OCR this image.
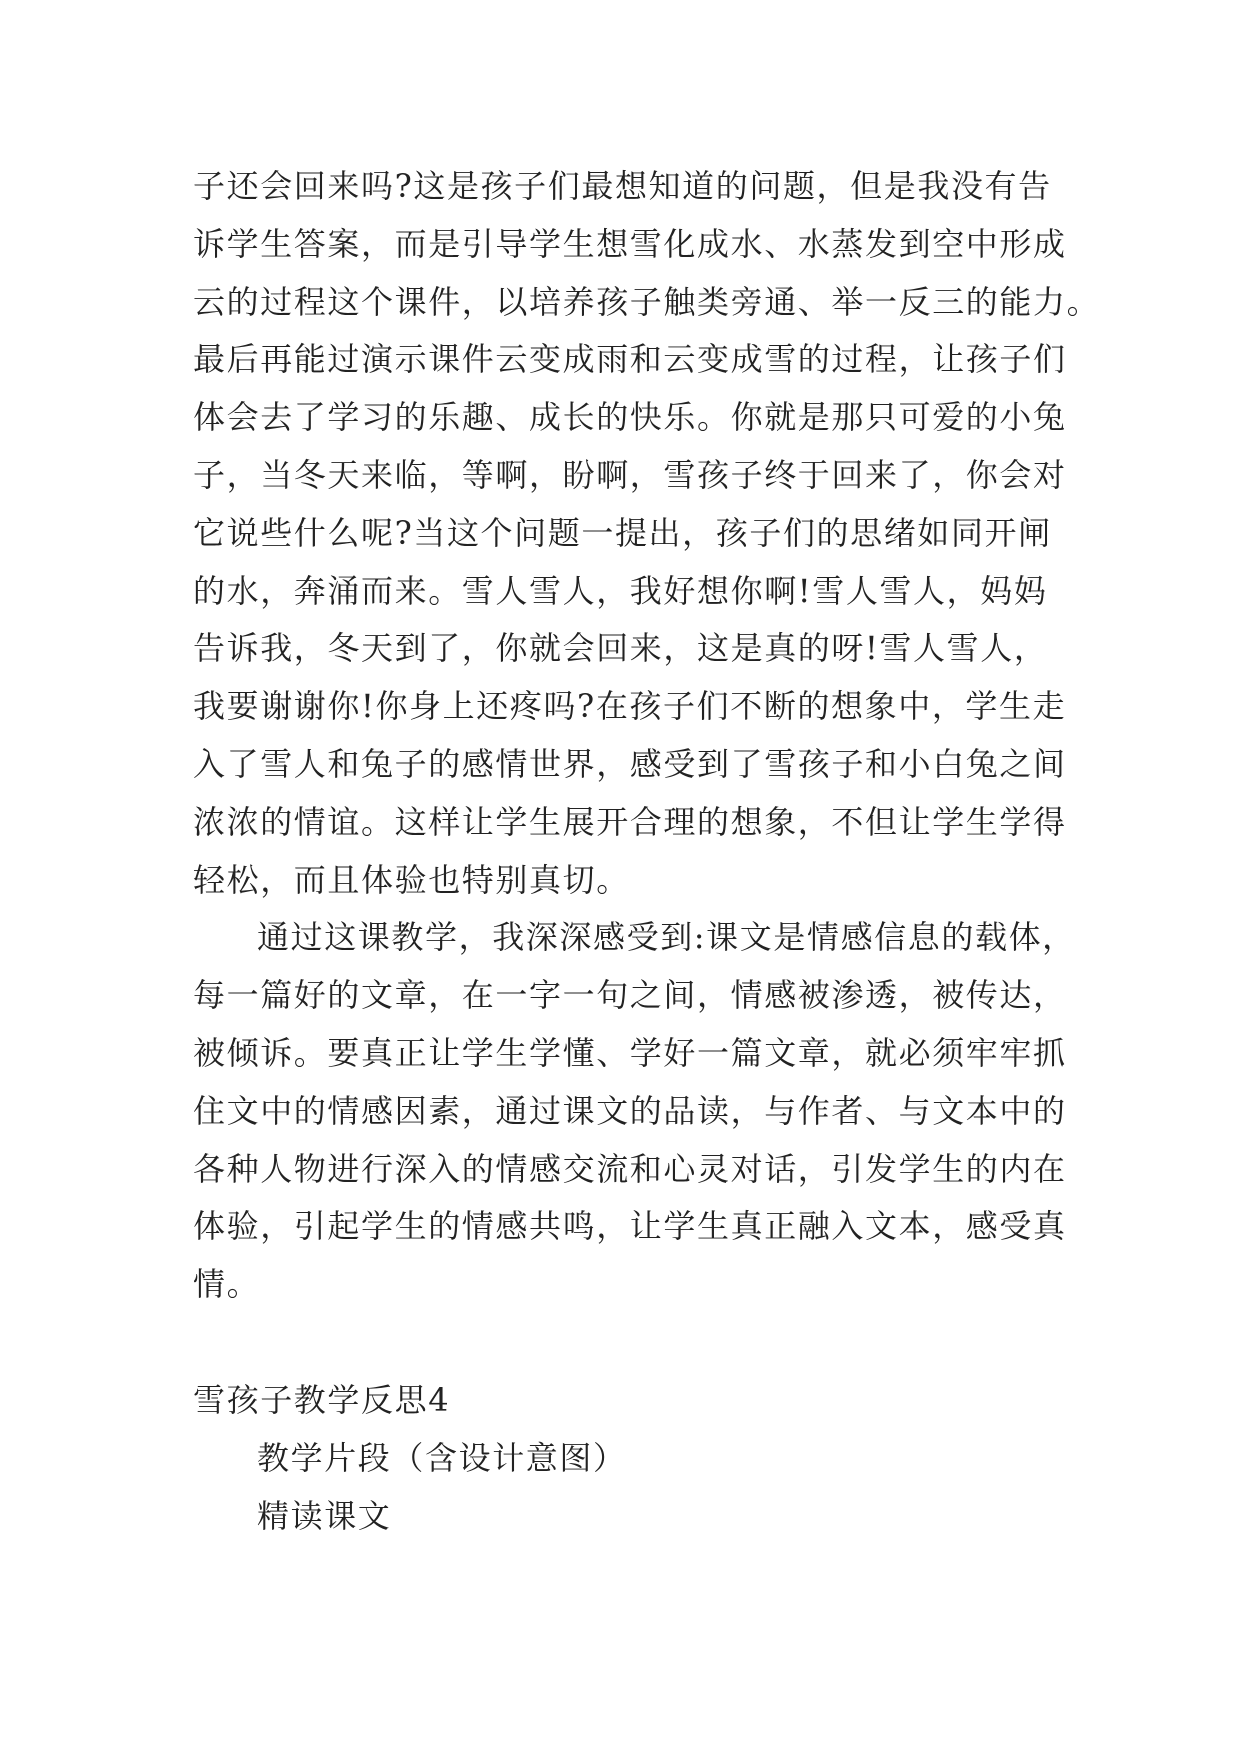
子还会回来吗?这是孩子们最想知道的问题，但是我没有告
诉学生答案，而是引导学生想雪化成水、水蒸发到空中形成
云的过程这个课件，以培养孩子触类旁通、举一反三的能力。
最后再能过演示课件云变成雨和云变成雪的过程，让孩子们
体会去了学习的乐趣、成长的快乐。你就是那只可爱的小兔
子，当冬天来临，等啊，盼啊，雪孩子终于回来了，你会对
它说些什么呢?当这个问题一提出，孩子们的思绪如同开闸
的水，奔涌而来。雪人雪人，我好想你啊!雪人雪人，妈妈
告诉我，冬天到了，你就会回来，这是真的呀!雪人雪人，
我要谢谢你!你身上还疼吗?在孩子们不断的想象中，学生走
入了雪人和兔子的感情世界，感受到了雪孩子和小白兔之间
浓浓的情谊。这样让学生展开合理的想象，不但让学生学得
轻松，而且体验也特别真切。
通过这课教学，我深深感受到:课文是情感信息的载体，
每一篇好的文章，在一字一句之间，情感被渗透，被传达，
被倾诉。要真正让学生学懂、学好一篇文章，就必须牢牢抓
住文中的情感因素，通过课文的品读，与作者、与文本中的
各种人物进行深入的情感交流和心灵对话，引发学生的内在
体验，引起学生的情感共鸣，让学生真正融入文本，感受真
情。
雪孩子教学反思4
教学片段（含设计意图）
精读课文
